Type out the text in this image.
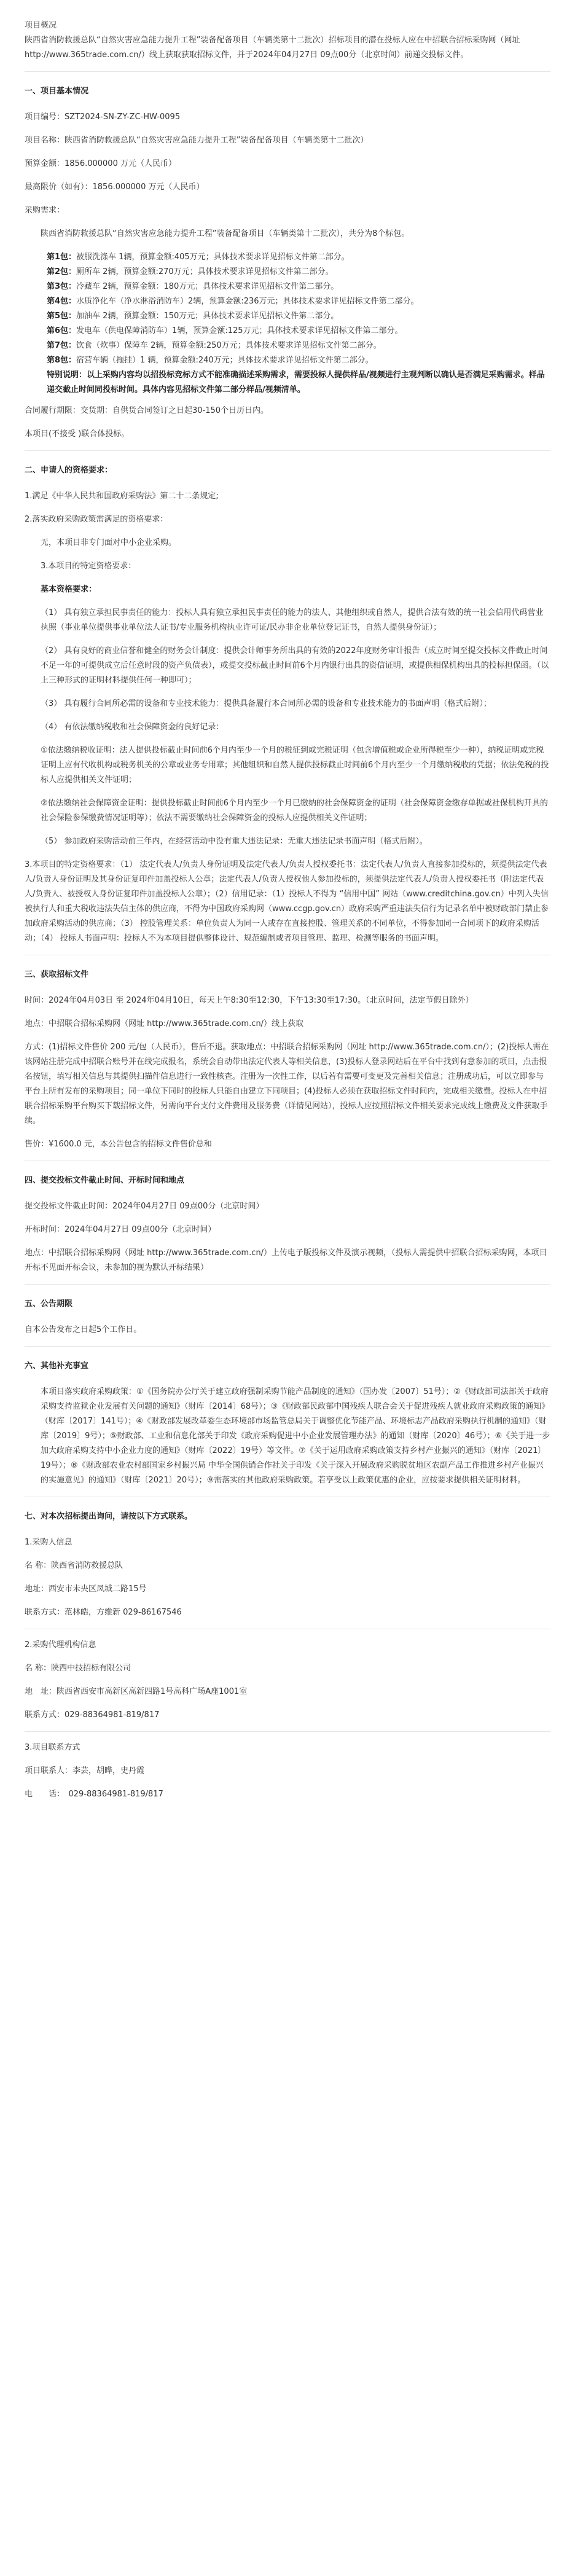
项目概况
陕西省消防救援总队“自然灾害应急能力提升工程”装备配备项目（车辆类第十二批次）招标项目的潜在投标人应在中招联合招标采购网（网址 http://www.365trade.com.cn/）线上获取获取招标文件，并于2024年04月27日 09点00分（北京时间）前递交投标文件。
一、项目基本情况
项目编号：SZT2024-SN-ZY-ZC-HW-0095
项目名称：陕西省消防救援总队“自然灾害应急能力提升工程”装备配备项目（车辆类第十二批次）
预算金额：1856.000000 万元（人民币）
最高限价（如有）：1856.000000 万元（人民币）
采购需求：
陕西省消防救援总队“自然灾害应急能力提升工程”装备配备项目（车辆类第十二批次），共分为8个标包。
第1包：被服洗涤车 1辆，预算金额:405万元；具体技术要求详见招标文件第二部分。
第2包：厕所车 2辆，预算金额:270万元；具体技术要求详见招标文件第二部分。
第3包：冷藏车 2辆，预算金额：180万元；具体技术要求详见招标文件第二部分。
第4包：水质净化车（净水淋浴消防车）2辆，预算金额:236万元；具体技术要求详见招标文件第二部分。
第5包：加油车 2辆，预算金额：150万元；具体技术要求详见招标文件第二部分。
第6包：发电车（供电保障消防车）1辆，预算金额:125万元；具体技术要求详见招标文件第二部分。
第7包：饮食（炊事）保障车 2辆，预算金额:250万元；具体技术要求详见招标文件第二部分。
第8包：宿营车辆（拖挂）1 辆，预算金额:240万元；具体技术要求详见招标文件第二部分。
特别说明：以上采购内容均以招投标竞标方式不能准确描述采购需求，需要投标人提供样品/视频进行主观判断以确认是否满足采购需求。样品递交截止时间同投标时间。具体内容见招标文件第二部分样品/视频清单。
合同履行期限：交货期：自供货合同签订之日起30-150个日历日内。
本项目(不接受 )联合体投标。
二、申请人的资格要求：
1.满足《中华人民共和国政府采购法》第二十二条规定;
2.落实政府采购政策需满足的资格要求：
无，本项目非专门面对中小企业采购。
3.本项目的特定资格要求：
基本资格要求：
（1） 具有独立承担民事责任的能力：投标人具有独立承担民事责任的能力的法人、其他组织或自然人，提供合法有效的统一社会信用代码营业执照（事业单位提供事业单位法人证书/专业服务机构执业许可证/民办非企业单位登记证书，自然人提供身份证）；
（2） 具有良好的商业信誉和健全的财务会计制度：提供会计师事务所出具的有效的2022年度财务审计报告（成立时间至提交投标文件截止时间不足一年的可提供成立后任意时段的资产负债表），或提交投标截止时间前6个月内银行出具的资信证明，或提供相保机构出具的投标担保函。（以上三种形式的证明材料提供任何一种即可）；
（3） 具有履行合同所必需的设备和专业技术能力：提供具备履行本合同所必需的设备和专业技术能力的书面声明（格式后附）；
（4） 有依法缴纳税收和社会保障资金的良好记录：
①依法缴纳税收证明：法人提供投标截止时间前6个月内至少一个月的税征到或完税证明（包含增值税或企业所得税至少一种），纳税证明或完税证明上应有代收机构或税务机关的公章或业务专用章；其他组织和自然人提供投标截止时间前6个月内至少一个月缴纳税收的凭据；依法免税的投标人应提供相关文件证明；
②依法缴纳社会保障资金证明：提供投标截止时间前6个月内至少一个月已缴纳的社会保障资金的证明（社会保障资金缴存单据或社保机构开具的社会保险参保缴费情况证明等）；依法不需要缴纳社会保障资金的投标人应提供相关文件证明；
（5） 参加政府采购活动前三年内，在经营活动中没有重大违法记录：无重大违法记录书面声明（格式后附）。
3.本项目的特定资格要求：（1） 法定代表人/负责人身份证明及法定代表人/负责人授权委托书：法定代表人/负责人直接参加投标的，须提供法定代表人/负责人身份证明及其身份证复印件加盖投标人公章；法定代表人/负责人授权他人参加投标的，须提供法定代表人/负责人授权委托书（附法定代表人/负责人、被授权人身份证复印件加盖投标人公章）；（2）信用记录：（1）投标人不得为 “信用中国” 网站（www.creditchina.gov.cn）中列入失信被执行人和重大税收违法失信主体的供应商，不得为中国政府采购网（www.ccgp.gov.cn）政府采购严重违法失信行为记录名单中被财政部门禁止参加政府采购活动的供应商；（3） 控股管理关系：单位负责人为同一人或存在直接控股、管理关系的不同单位，不得参加同一合同项下的政府采购活动；（4） 投标人书面声明：投标人不为本项目提供整体设计、规范编制或者项目管理、监理、检测等服务的书面声明。
三、获取招标文件
时间：2024年04月03日 至 2024年04月10日，每天上午8:30至12:30，下午13:30至17:30。（北京时间，法定节假日除外）
地点：中招联合招标采购网（网址 http://www.365trade.com.cn/）线上获取
方式：(1)招标文件售价 200 元/包（人民币），售后不退。获取地点：中招联合招标采购网（网址 http://www.365trade.com.cn/）；(2)投标人需在该网站注册完成中招联合账号并在线完成报名，系统会自动带出法定代表人等相关信息，(3)投标人登录网站后在平台中找到有意参加的项目，点击报名按钮，填写相关信息与其提供扫描件信息进行一致性核查。注册为一次性工作，以后若有需要可变更及完善相关信息；注册成功后，可以立即参与平台上所有发布的采购项目；同一单位下同时的投标人只能自由建立下同项目；(4)投标人必须在获取招标文件时间内，完成相关缴费。投标人在中招联合招标采购平台购买下载招标文件，另需向平台支付文件费用及服务费（详情见网站），投标人应按照招标文件相关要求完成线上缴费及文件获取手续。
售价：¥1600.0 元，本公告包含的招标文件售价总和
四、提交投标文件截止时间、开标时间和地点
提交投标文件截止时间：2024年04月27日 09点00分（北京时间）
开标时间：2024年04月27日 09点00分（北京时间）
地点：中招联合招标采购网（网址 http://www.365trade.com.cn/）上传电子版投标文件及演示视频，（投标人需提供中招联合招标采购网，本项目开标不见面开标会议，未参加的视为默认开标结果）
五、公告期限
自本公告发布之日起5个工作日。
六、其他补充事宜
本项目落实政府采购政策：①《国务院办公厅关于建立政府强制采购节能产品制度的通知》（国办发〔2007〕51号）；②《财政部司法部关于政府采购支持监狱企业发展有关问题的通知》（财库〔2014〕68号）；③《财政部民政部中国残疾人联合会关于促进残疾人就业政府采购政策的通知》（财库〔2017〕141号）；④《财政部发展改革委生态环境部市场监管总局关于调整优化节能产品、环境标志产品政府采购执行机制的通知》（财库〔2019〕9号）；⑤财政部、工业和信息化部关于印发《政府采购促进中小企业发展管理办法》的通知（财库〔2020〕46号）；⑥《关于进一步加大政府采购支持中小企业力度的通知》（财库〔2022〕19号）等文件。⑦《关于运用政府采购政策支持乡村产业振兴的通知》（财库〔2021〕19号）；⑧《财政部农业农村部国家乡村振兴局 中华全国供销合作社关于印发《关于深入开展政府采购脱贫地区农副产品工作推进乡村产业振兴的实施意见》的通知》（财库〔2021〕20号）；⑨需落实的其他政府采购政策。若享受以上政策优惠的企业，应按要求提供相关证明材料。
七、对本次招标提出询问，请按以下方式联系。
1.采购人信息
名 称：陕西省消防救援总队
地址：西安市未央区凤城二路15号
联系方式：范林皓，方维新 029-86167546
2.采购代理机构信息
名 称：陕西中技招标有限公司
地　址：陕西省西安市高新区高新四路1号高科广场A座1001室
联系方式：029-88364981-819/817
3.项目联系方式
项目联系人：李芸，胡晔，史丹霞
电　　话：　029-88364981-819/817
